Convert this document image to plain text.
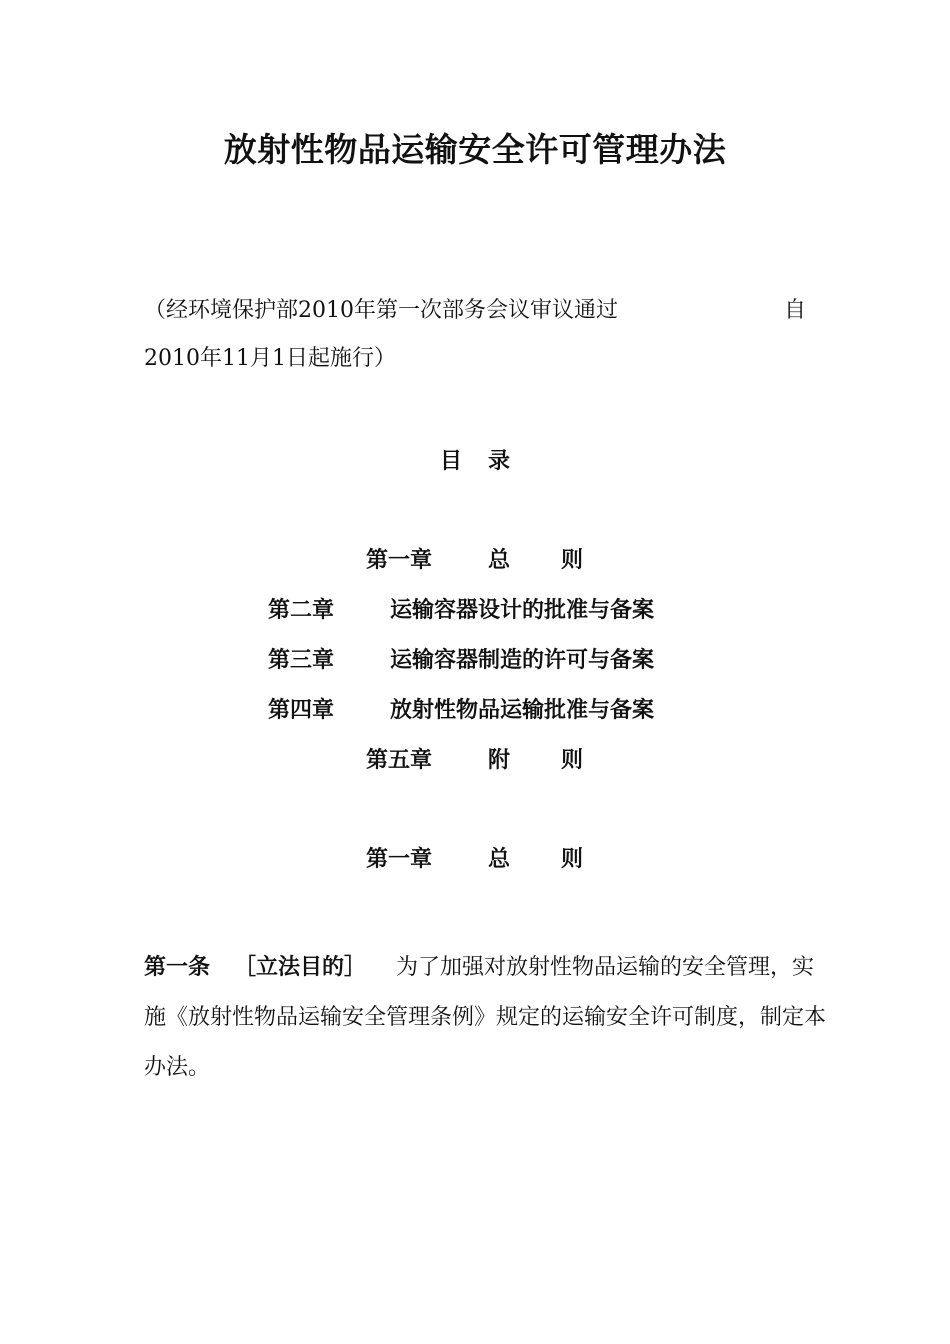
放射性物品运输安全许可管理办法
（经环境保护部2010年第一次部务会议审议通过	自
2010年11月1日起施行）
目 录
第一章	总 则
第二章	运输容器设计的批准与备案
第三章	运输容器制造的许可与备案
第四章	放射性物品运输批准与备案
第五章	附 则
第一章	总 则
第一条 ［立法目的］ 为了加强对放射性物品运输的安全管理，实施《放射性物品运输安全管理条例》规定的运输安全许可制度，制定本办法。
